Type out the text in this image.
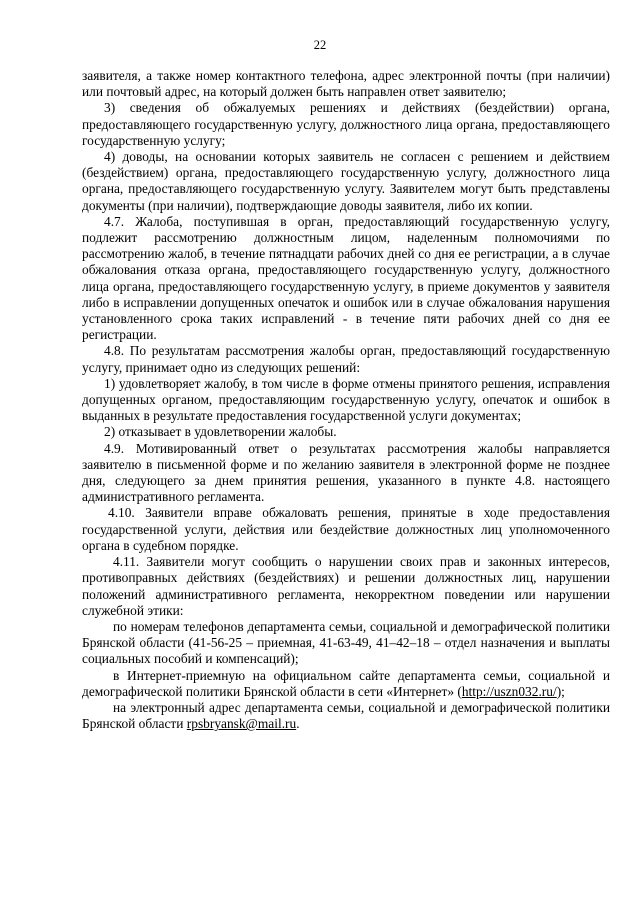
22

заявителя, а также номер контактного телефона, адрес электронной почты (при наличии) или почтовый адрес, на который должен быть направлен ответ заявителю;

3) сведения об обжалуемых решениях и действиях (бездействии) органа, предоставляющего государственную услугу, должностного лица органа, предоставляющего государственную услугу;

4) доводы, на основании которых заявитель не согласен с решением и действием (бездействием) органа, предоставляющего государственную услугу, должностного лица органа, предоставляющего государственную услугу. Заявителем могут быть представлены документы (при наличии), подтверждающие доводы заявителя, либо их копии.

4.7. Жалоба, поступившая в орган, предоставляющий государственную услугу, подлежит рассмотрению должностным лицом, наделенным полномочиями по рассмотрению жалоб, в течение пятнадцати рабочих дней со дня ее регистрации, а в случае обжалования отказа органа, предоставляющего государственную услугу, должностного лица органа, предоставляющего государственную услугу, в приеме документов у заявителя либо в исправлении допущенных опечаток и ошибок или в случае обжалования нарушения установленного срока таких исправлений - в течение пяти рабочих дней со дня ее регистрации.

4.8. По результатам рассмотрения жалобы орган, предоставляющий государственную услугу, принимает одно из следующих решений:

1) удовлетворяет жалобу, в том числе в форме отмены принятого решения, исправления допущенных органом, предоставляющим государственную услугу, опечаток и ошибок в выданных в результате предоставления государственной услуги документах;

2) отказывает в удовлетворении жалобы.

4.9. Мотивированный ответ о результатах рассмотрения жалобы направляется заявителю в письменной форме и по желанию заявителя в электронной форме не позднее дня, следующего за днем принятия решения, указанного в пункте 4.8. настоящего административного регламента.

4.10. Заявители вправе обжаловать решения, принятые в ходе предоставления государственной услуги, действия или бездействие должностных лиц уполномоченного органа в судебном порядке.

4.11. Заявители могут сообщить о нарушении своих прав и законных интересов, противоправных действиях (бездействиях) и решении должностных лиц, нарушении положений административного регламента, некорректном поведении или нарушении служебной этики:

по номерам телефонов департамента семьи, социальной и демографической политики Брянской области (41-56-25 – приемная, 41-63-49, 41–42–18 – отдел назначения и выплаты социальных пособий и компенсаций);

в Интернет-приемную на официальном сайте департамента семьи, социальной и демографической политики Брянской области в сети «Интернет» (http://uszn032.ru/);

на электронный адрес департамента семьи, социальной и демографической политики Брянской области rpsbryansk@mail.ru.
